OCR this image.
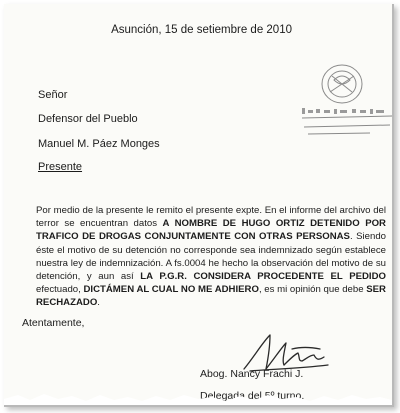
Asunción, 15 de setiembre de 2010
Señor
Defensor del Pueblo
Manuel M. Páez Monges
Presente

Por medio de la presente le remito el presente expte. En el informe del archivo del terror se encuentran datos A NOMBRE DE HUGO ORTIZ DETENIDO POR TRAFICO DE DROGAS CONJUNTAMENTE CON OTRAS PERSONAS. Siendo éste el motivo de su detención no corresponde sea indemnizado según establece nuestra ley de indemnización. A fs.0004 he hecho la observación del motivo de su detención, y aun así LA P.G.R. CONSIDERA PROCEDENTE EL PEDIDO efectuado, DICTÁMEN AL CUAL NO ME ADHIERO, es mi opinión que debe SER RECHAZADO.

Atentamente,
Abog. Nancy Frachi J.
Delegada del 5º turno.
